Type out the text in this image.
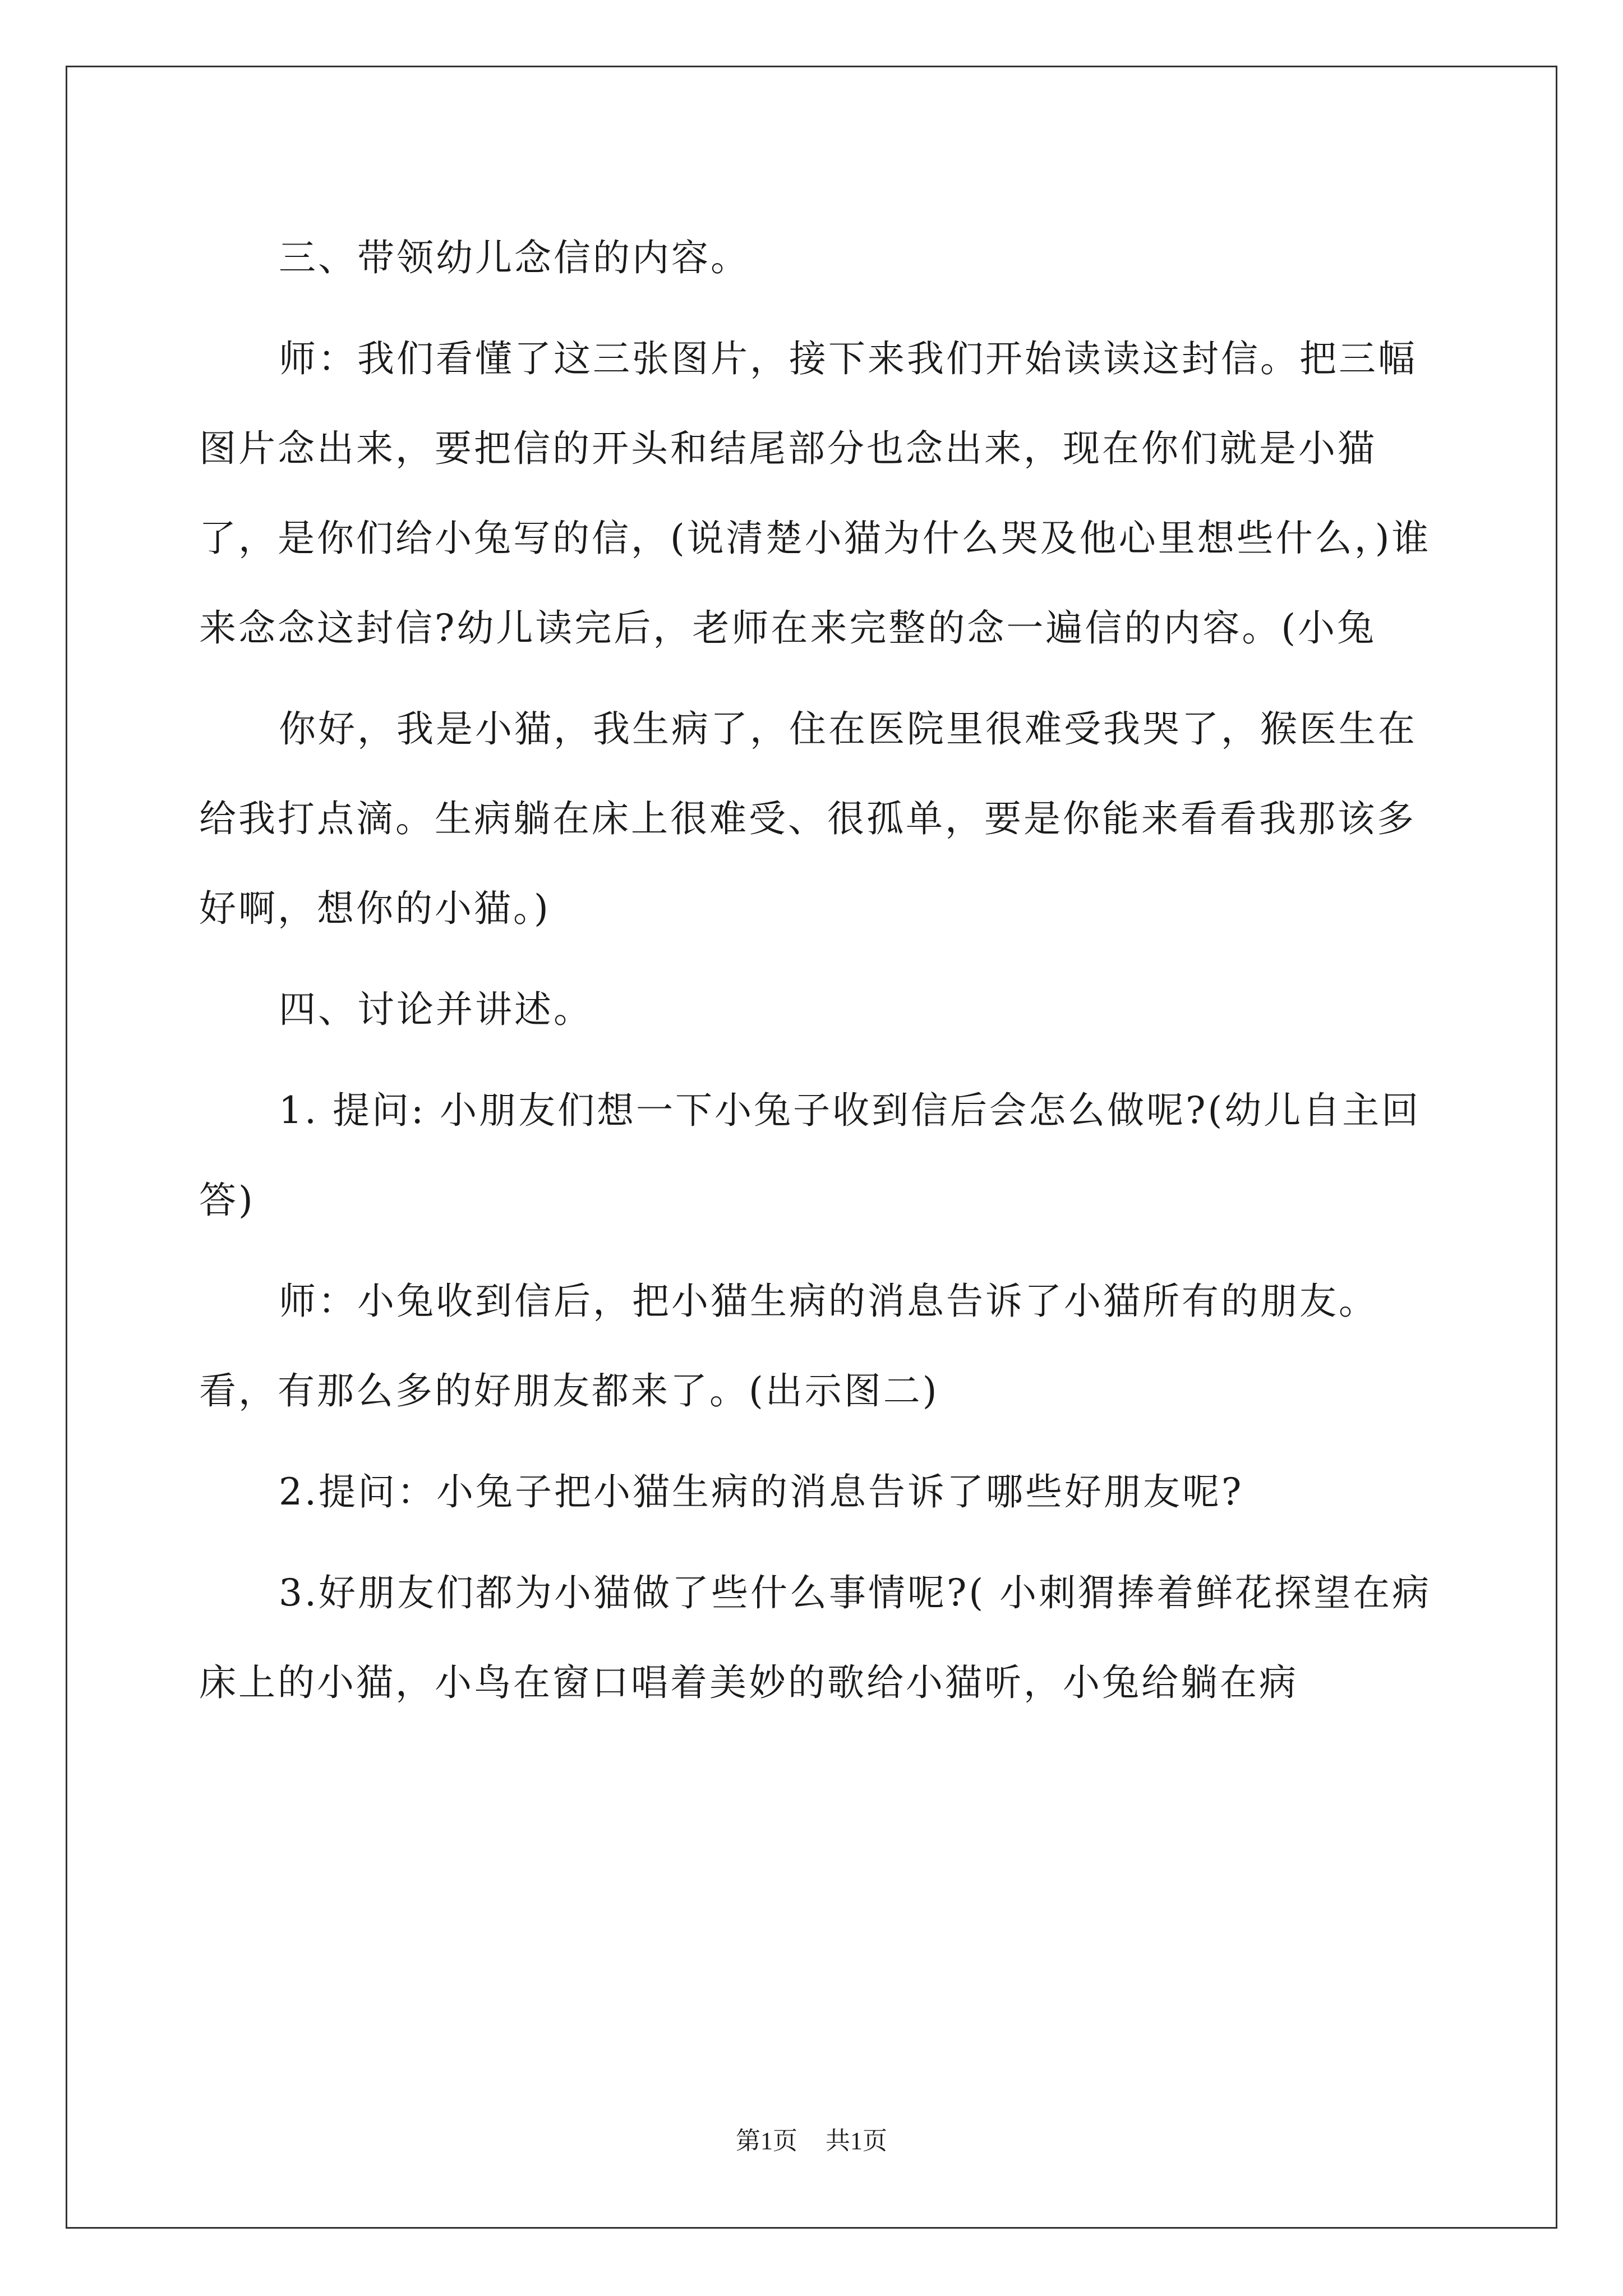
三、带领幼儿念信的内容。

师：我们看懂了这三张图片，接下来我们开始读读这封信。把三幅图片念出来，要把信的开头和结尾部分也念出来，现在你们就是小猫了，是你们给小兔写的信，(说清楚小猫为什么哭及他心里想些什么，)谁来念念这封信?幼儿读完后，老师在来完整的念一遍信的内容。(小兔

你好，我是小猫，我生病了，住在医院里很难受我哭了，猴医生在给我打点滴。生病躺在床上很难受、很孤单，要是你能来看看我那该多好啊，想你的小猫。)

四、讨论并讲述。

1. 提问: 小朋友们想一下小兔子收到信后会怎么做呢?(幼儿自主回答)

师：小兔收到信后，把小猫生病的消息告诉了小猫所有的朋友。看，有那么多的好朋友都来了。(出示图二)

2.提问：小兔子把小猫生病的消息告诉了哪些好朋友呢?

3.好朋友们都为小猫做了些什么事情呢?( 小刺猬捧着鲜花探望在病床上的小猫，小鸟在窗口唱着美妙的歌给小猫听，小兔给躺在病

第1页 共1页
